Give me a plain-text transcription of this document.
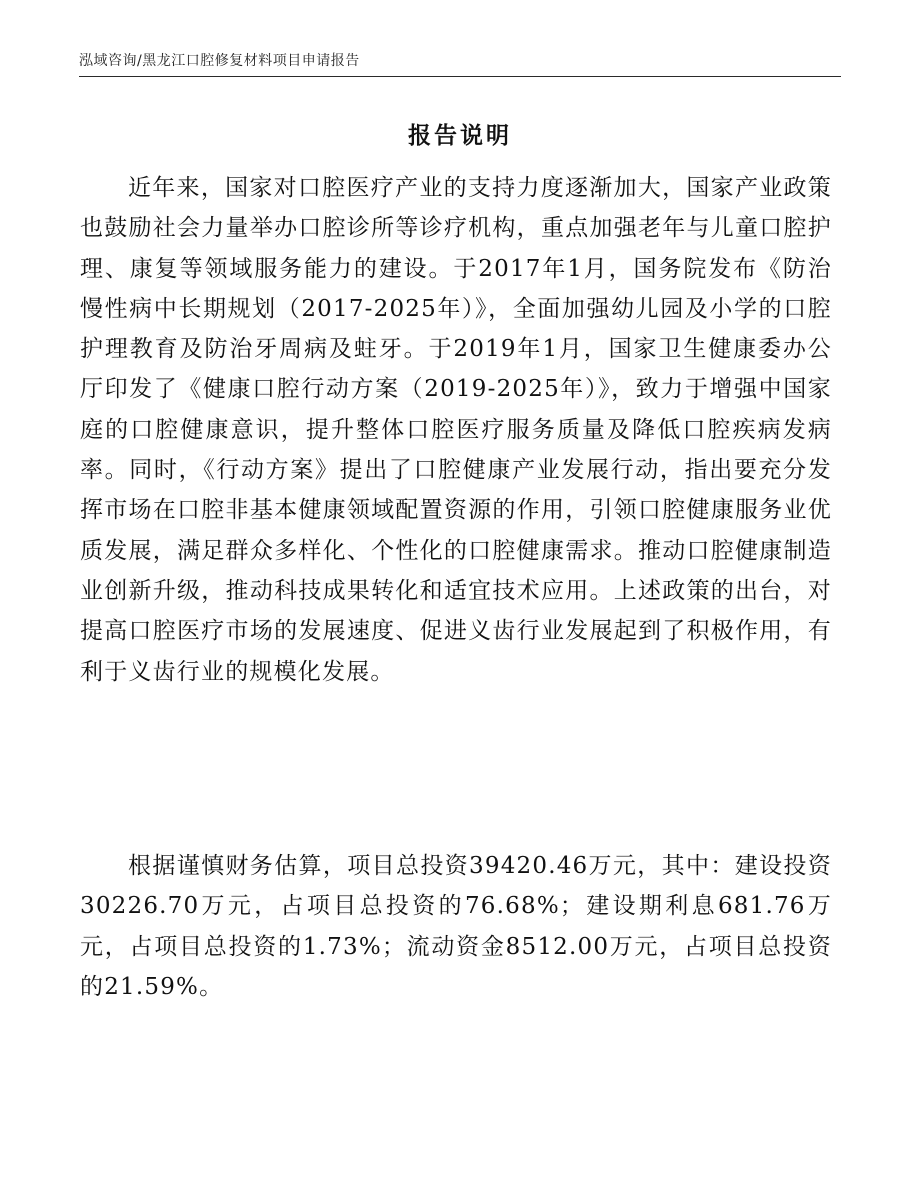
泓域咨询/黑龙江口腔修复材料项目申请报告
报告说明

近年来，国家对口腔医疗产业的支持力度逐渐加大，国家产业政策也鼓励社会力量举办口腔诊所等诊疗机构，重点加强老年与儿童口腔护理、康复等领域服务能力的建设。于2017年1月，国务院发布《防治慢性病中长期规划（2017-2025年）》，全面加强幼儿园及小学的口腔护理教育及防治牙周病及蛀牙。于2019年1月，国家卫生健康委办公厅印发了《健康口腔行动方案（2019-2025年）》，致力于增强中国家庭的口腔健康意识，提升整体口腔医疗服务质量及降低口腔疾病发病率。同时，《行动方案》提出了口腔健康产业发展行动，指出要充分发挥市场在口腔非基本健康领域配置资源的作用，引领口腔健康服务业优质发展，满足群众多样化、个性化的口腔健康需求。推动口腔健康制造业创新升级，推动科技成果转化和适宜技术应用。上述政策的出台，对提高口腔医疗市场的发展速度、促进义齿行业发展起到了积极作用，有利于义齿行业的规模化发展。

根据谨慎财务估算，项目总投资39420.46万元，其中：建设投资30226.70万元，占项目总投资的76.68%；建设期利息681.76万元，占项目总投资的1.73%；流动资金8512.00万元，占项目总投资的21.59%。
